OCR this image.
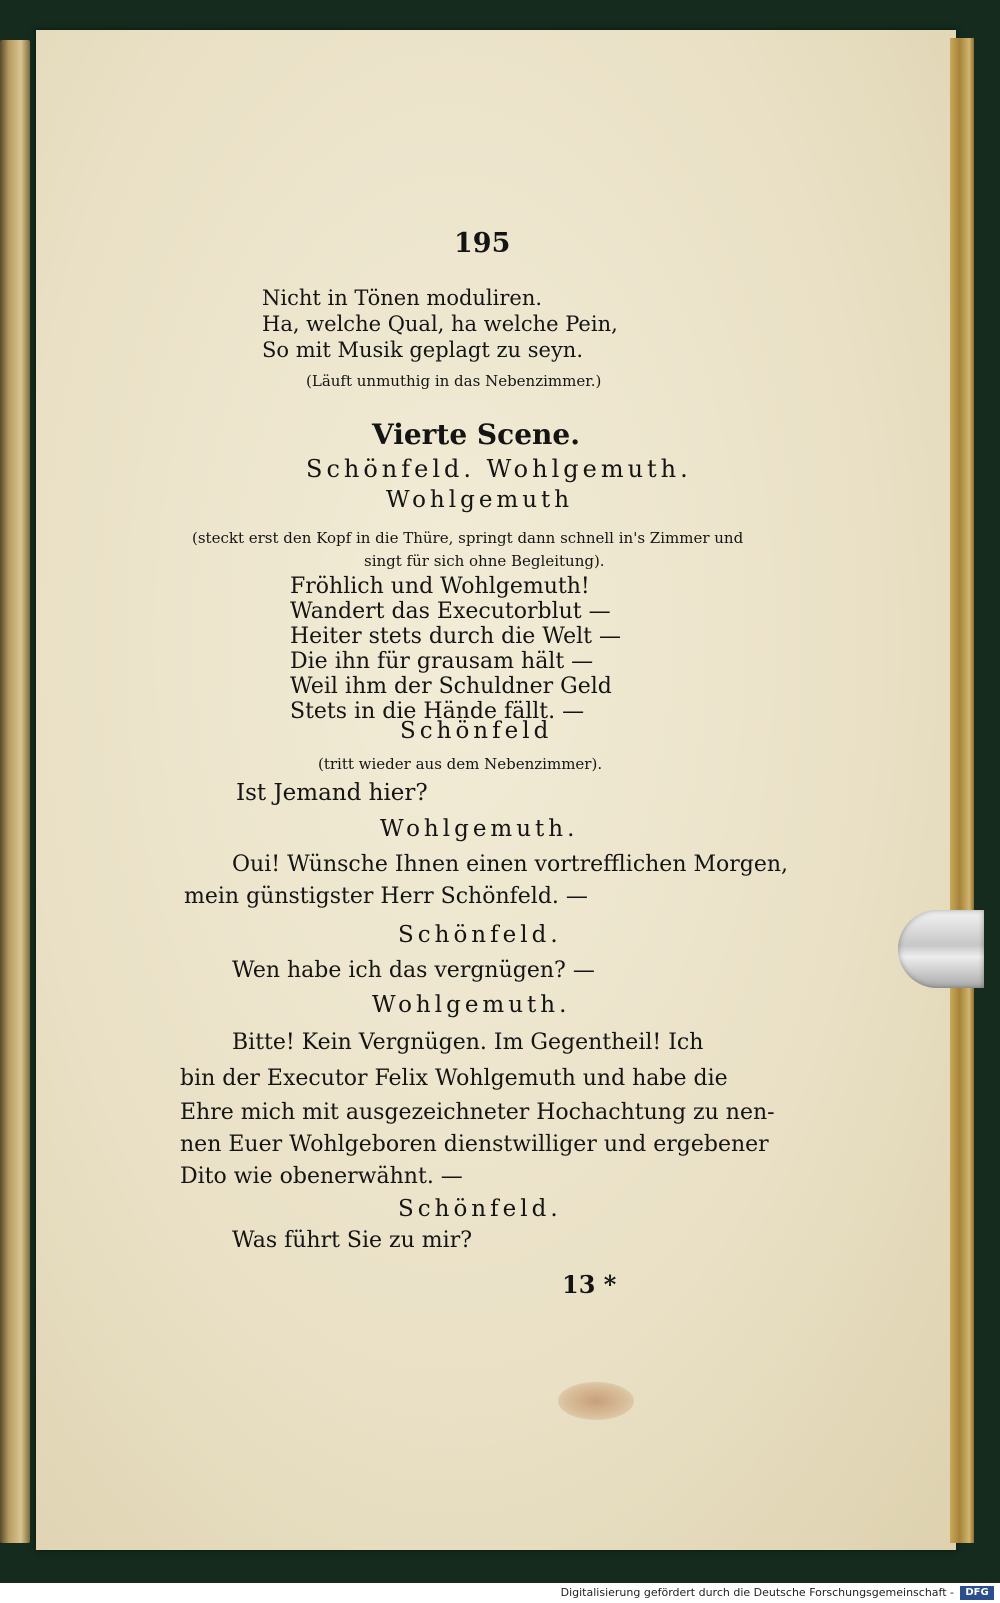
195
Nicht in Tönen moduliren.
Ha, welche Qual, ha welche Pein,
So mit Musik geplagt zu seyn.
(Läuft unmuthig in das Nebenzimmer.)
Vierte Scene.
Schönfeld. Wohlgemuth.
Wohlgemuth
(steckt erst den Kopf in die Thüre, springt dann schnell in's Zimmer und
singt für sich ohne Begleitung).
Fröhlich und Wohlgemuth!
Wandert das Executorblut —
Heiter stets durch die Welt —
Die ihn für grausam hält —
Weil ihm der Schuldner Geld
Stets in die Hände fällt. —
Schönfeld
(tritt wieder aus dem Nebenzimmer).
Ist Jemand hier?
Wohlgemuth.
Oui! Wünsche Ihnen einen vortrefflichen Morgen,
mein günstigster Herr Schönfeld. —
Schönfeld.
Wen habe ich das vergnügen? —
Wohlgemuth.
Bitte! Kein Vergnügen. Im Gegentheil! Ich
bin der Executor Felix Wohlgemuth und habe die
Ehre mich mit ausgezeichneter Hochachtung zu nen-
nen Euer Wohlgeboren dienstwilliger und ergebener
Dito wie obenerwähnt. —
Schönfeld.
Was führt Sie zu mir?
13 *
Digitalisierung gefördert durch die Deutsche Forschungsgemeinschaft -	DFG
